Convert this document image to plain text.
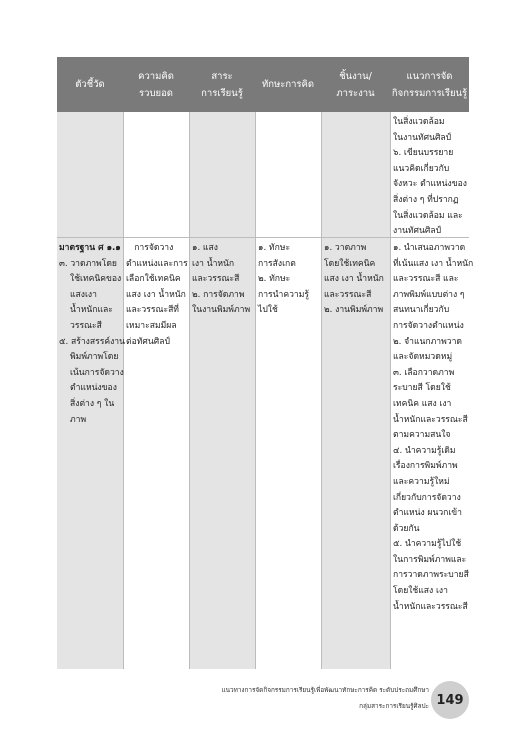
ตัวชี้วัด
ความคิด
รวบยอด
สาระ
การเรียนรู้
ทักษะการคิด
ชิ้นงาน/
ภาระงาน
แนวการจัด
กิจกรรมการเรียนรู้
ในสิ่งแวดล้อม
ในงานทัศนศิลป์
๖. เขียนบรรยาย
แนวคิดเกี่ยวกับ
จังหวะ ตำแหน่งของ
สิ่งต่าง ๆ ที่ปรากฏ
ในสิ่งแวดล้อม และ
งานทัศนศิลป์
มาตรฐาน ศ ๑.๑
๓. วาดภาพโดย
ใช้เทคนิคของ
แสงเงา
น้ำหนักและ
วรรณะสี
๕. สร้างสรรค์งาน
พิมพ์ภาพโดย
เน้นการจัดวาง
ตำแหน่งของ
สิ่งต่าง ๆ ใน
ภาพ
การจัดวาง
ตำแหน่งและการ
เลือกใช้เทคนิค
แสง เงา น้ำหนัก
และวรรณะสีที่
เหมาะสมมีผล
ต่อทัศนศิลป์
๑. แสง
เงา น้ำหนัก
และวรรณะสี
๒. การจัดภาพ
ในงานพิมพ์ภาพ
๑. ทักษะ
การสังเกต
๒. ทักษะ
การนำความรู้
ไปใช้
๑. วาดภาพ
โดยใช้เทคนิค
แสง เงา น้ำหนัก
และวรรณะสี
๒. งานพิมพ์ภาพ
๑. นำเสนอภาพวาด
ที่เน้นแสง เงา น้ำหนัก
และวรรณะสี และ
ภาพพิมพ์แบบต่าง ๆ
สนทนาเกี่ยวกับ
การจัดวางตำแหน่ง
๒. จำแนกภาพวาด
และจัดหมวดหมู่
๓. เลือกวาดภาพ
ระบายสี โดยใช้
เทคนิค แสง เงา
น้ำหนักและวรรณะสี
ตามความสนใจ
๔. นำความรู้เดิม
เรื่องการพิมพ์ภาพ
และความรู้ใหม่
เกี่ยวกับการจัดวาง
ตำแหน่ง ผนวกเข้า
ด้วยกัน
๕. นำความรู้ไปใช้
ในการพิมพ์ภาพและ
การวาดภาพระบายสี
โดยใช้แสง เงา
น้ำหนักและวรรณะสี
แนวทางการจัดกิจกรรมการเรียนรู้เพื่อพัฒนาทักษะการคิด ระดับประถมศึกษา
กลุ่มสาระการเรียนรู้ศิลปะ 149
